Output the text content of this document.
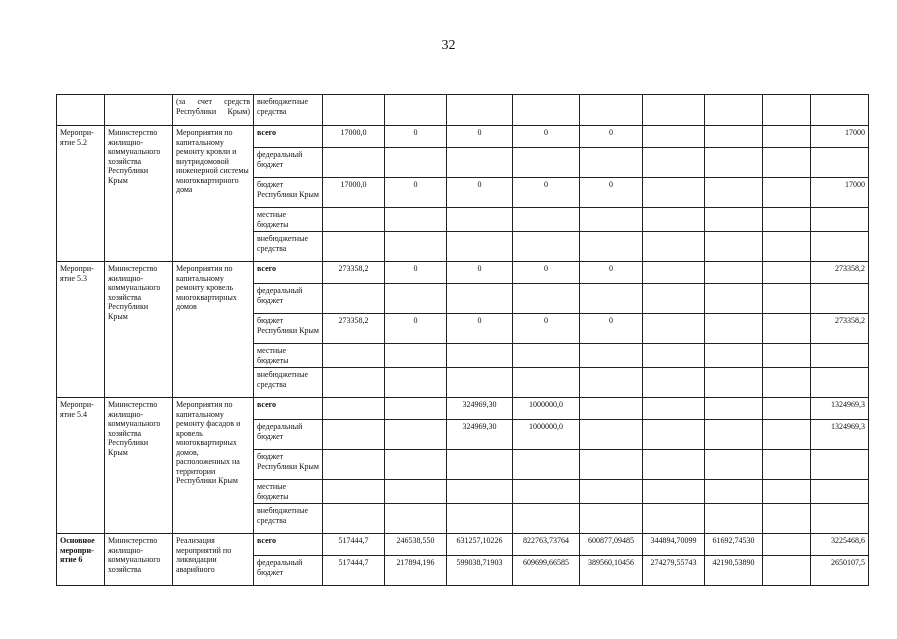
32
		(за счет средств Республики Крым)	внебюджетные средства									
Меропри-ятие 5.2	Министерство жилищно-коммунального хозяйства Республики Крым	Мероприятия по капитальному ремонту кровли и внутридомовой инженерной системы многоквартирного дома	всего	17000,0	0	0	0	0				17000
			федеральный бюджет									
			бюджет Республики Крым	17000,0	0	0	0	0				17000
			местные бюджеты									
			внебюджетные средства									
Меропри-ятие 5.3	Министерство жилищно-коммунального хозяйства Республики Крым	Мероприятия по капитальному ремонту кровель многоквартирных домов	всего	273358,2	0	0	0	0				273358,2
			федеральный бюджет									
			бюджет Республики Крым	273358,2	0	0	0	0				273358,2
			местные бюджеты									
			внебюджетные средства									
Меропри-ятие 5.4	Министерство жилищно-коммунального хозяйства Республики Крым	Мероприятия по капитальному ремонту фасадов и кровель многоквартирных домов, расположенных на территории Республики Крым	всего			324969,30	1000000,0					1324969,3
			федеральный бюджет			324969,30	1000000,0					1324969,3
			бюджет Республики Крым									
			местные бюджеты									
			внебюджетные средства									
Основное меропри-ятие 6	Министерство жилищно-коммунального хозяйства	Реализация мероприятий по ликвидации аварийного	всего	517444,7	246538,550	631257,10226	822763,73764	600877,09485	344894,70099	61692,74530		3225468,6
			федеральный бюджет	517444,7	217894,196	599038,71903	609699,66585	389560,10456	274279,55743	42190,53890		2650107,5
